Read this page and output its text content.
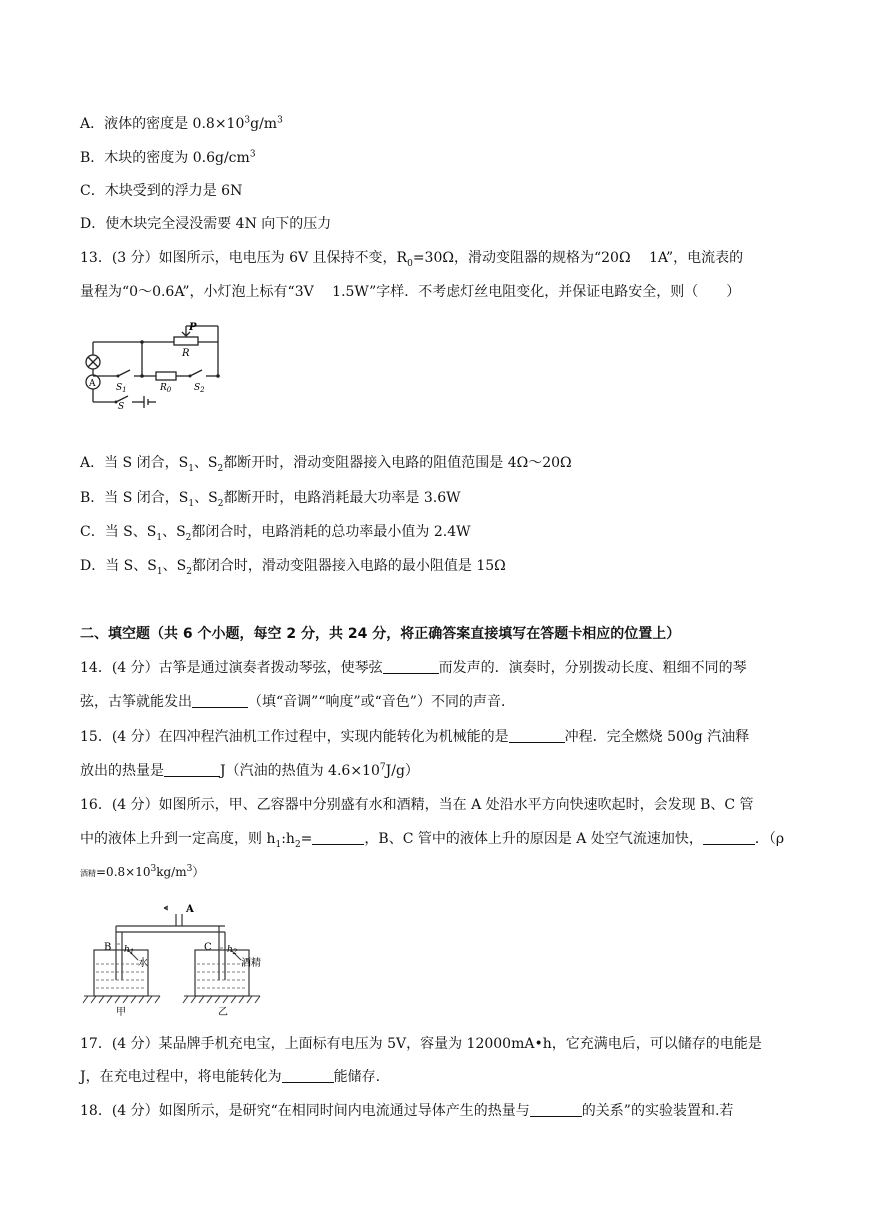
A．液体的密度是 $0.8\times 10^3g/m^3$
B．木块的密度为 $0.6g/cm^3$
C．木块受到的浮力是 6N
D．使木块完全浸没需要 4N 向下的压力
13．(3 分）如图所示，电电压为 6V 且保持不变，$R_0=30\Omega$，滑动变阻器的规格为“20Ω　 1A”，电流表的
量程为“0～0.6A”，小灯泡上标有“3V　 1.5W”字样．不考虑灯丝电阻变化，并保证电路安全，则（　　）
P
R
A $S_1$	$R_0$	$S_2$
S
A．当 S 闭合，$S_1$、$S_2$都断开时，滑动变阻器接入电路的阻值范围是 4Ω～20Ω
B．当 S 闭合，$S_1$、$S_2$都断开时，电路消耗最大功率是 3.6W
C．当 S、$S_1$、$S_2$都闭合时，电路消耗的总功率最小值为 2.4W
D．当 S、$S_1$、$S_2$都闭合时，滑动变阻器接入电路的最小阻值是 15Ω
二、填空题（共 6 个小题，每空 2 分，共 24 分，将正确答案直接填写在答题卡相应的位置上）
14．(4 分）古筝是通过演奏者拨动琴弦，使琴弦	而发声的．演奏时，分别拨动长度、粗细不同的琴
弦，古筝就能发出	（填“音调”“响度”或“音色”）不同的声音．
15．(4 分）在四冲程汽油机工作过程中，实现内能转化为机械能的是	冲程．完全燃烧 500g 汽油释
放出的热量是	J（汽油的热值为 $4.6\times 10^7J/g$）
16．(4 分）如图所示，甲、乙容器中分别盛有水和酒精，当在 A 处沿水平方向快速吹起时，会发现 B、C 管
中的液体上升到一定高度，则 $h_1:h_2=$	，B、C 管中的液体上升的原因是 A 处空气流速加快，	．（ρ
酒精$=0.8\times 10^3kg/m^3$）
A
B	C
$h_1$	$h_2$
水	酒精
甲	乙
17．(4 分）某品牌手机充电宝，上面标有电压为 5V，容量为 12000mA•h，它充满电后，可以储存的电能是
J，在充电过程中，将电能转化为	能储存.
18．(4 分）如图所示，是研究“在相同时间内电流通过导体产生的热量与	的关系”的实验装置和.若
